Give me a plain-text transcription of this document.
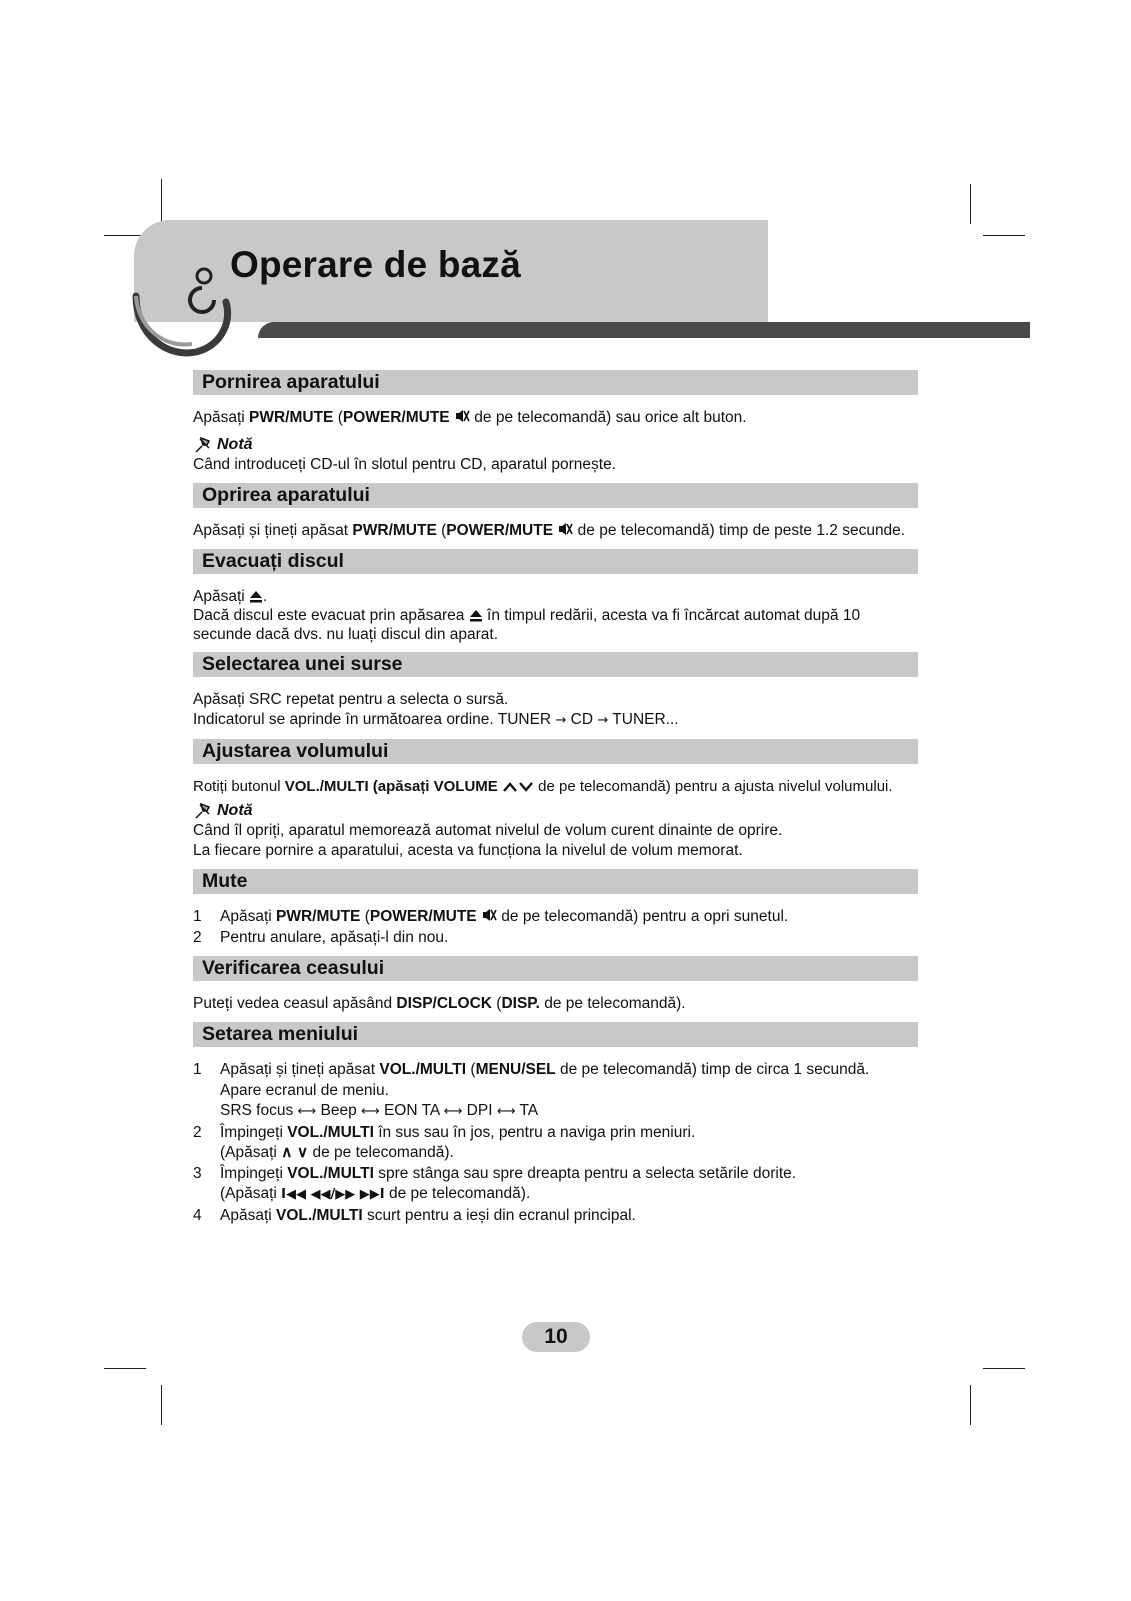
Operare de bază
Pornirea aparatului

Apăsați PWR/MUTE (POWER/MUTE  de pe telecomandă) sau orice alt buton.

Notă

Când introduceți CD-ul în slotul pentru CD, aparatul pornește.

Oprirea aparatului

Apăsați și țineți apăsat PWR/MUTE (POWER/MUTE  de pe telecomandă) timp de peste 1.2 secunde.

Evacuați discul

Apăsați .
Dacă discul este evacuat prin apăsarea  în timpul redării, acesta va fi încărcat automat după 10 secunde dacă dvs. nu luați discul din aparat.

Selectarea unei surse

Apăsați SRC repetat pentru a selecta o sursă.

Indicatorul se aprinde în următoarea ordine. TUNER → CD → TUNER...

Ajustarea volumului

Rotiți butonul VOL./MULTI (apăsați VOLUME	de pe telecomandă) pentru a ajusta nivelul volumului.

Notă

Când îl opriți, aparatul memorează automat nivelul de volum curent dinainte de oprire.

La fiecare pornire a aparatului, acesta va funcționa la nivelul de volum memorat.

Mute
1	Apăsați PWR/MUTE (POWER/MUTE  de pe telecomandă) pentru a opri sunetul.
2	Pentru anulare, apăsați-l din nou.
Verificarea ceasului

Puteți vedea ceasul apăsând DISP/CLOCK (DISP. de pe telecomandă).

Setarea meniului
1	Apăsați și țineți apăsat VOL./MULTI (MENU/SEL de pe telecomandă) timp de circa 1 secundă.
Apare ecranul de meniu.
SRS focus ⟷ Beep ⟷ EON TA ⟷ DPI ⟷ TA
2	Împingeți VOL./MULTI în sus sau în jos, pentru a naviga prin meniuri.
(Apăsați ∧ ∨ de pe telecomandă).
3	Împingeți VOL./MULTI spre stânga sau spre dreapta pentru a selecta setările dorite.
(Apăsați I◀◀ ◀◀/▶▶ ▶▶I de pe telecomandă).
4	Apăsați VOL./MULTI scurt pentru a ieși din ecranul principal.
10
